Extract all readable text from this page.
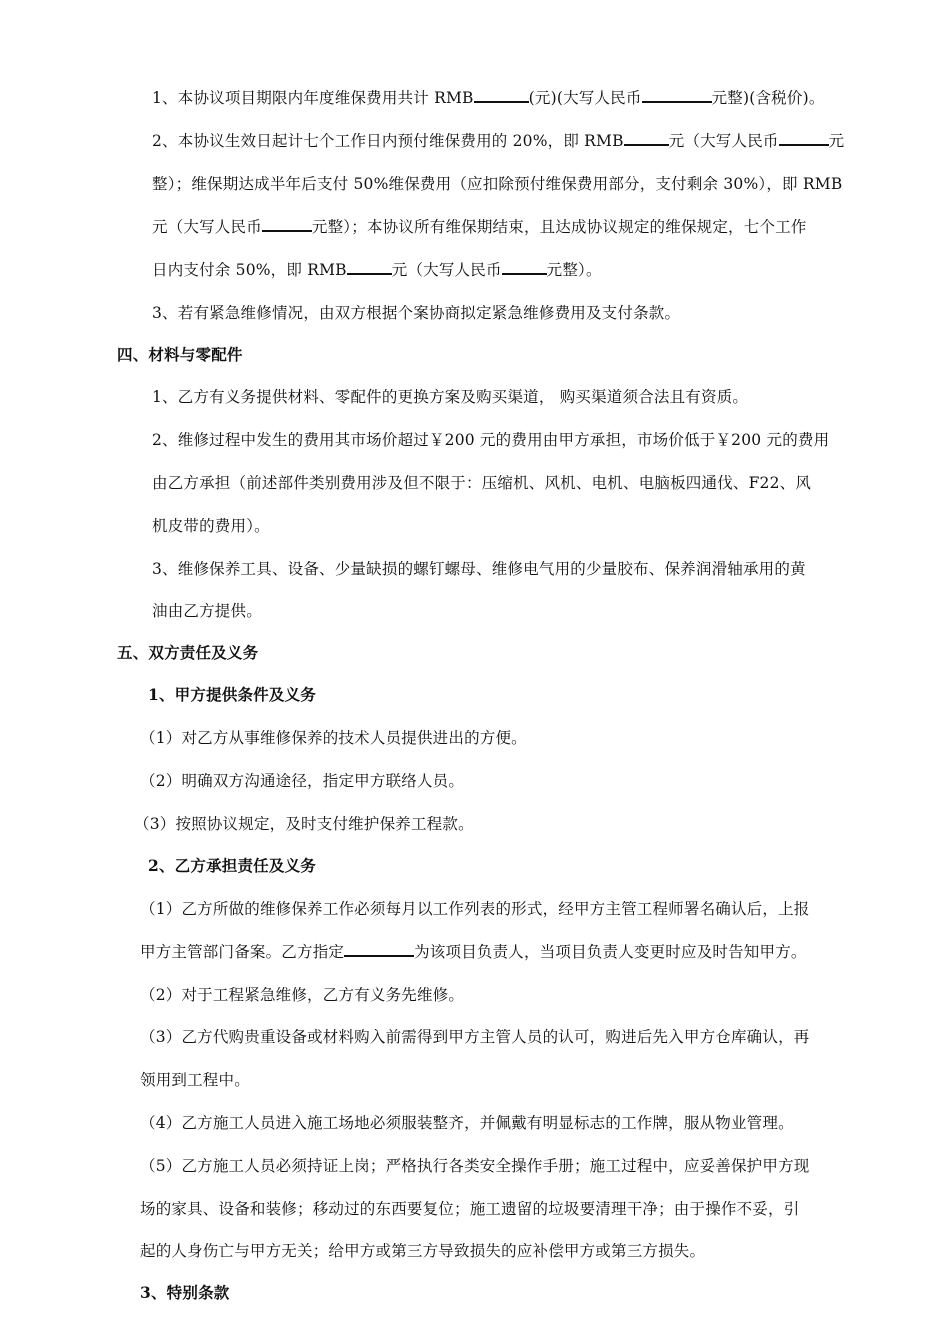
1、本协议项目期限内年度维保费用共计 RMB	(元)(大写人民币	元整)(含税价)。
2、本协议生效日起计七个工作日内预付维保费用的 20%，即 RMB	元（大写人民币	元
整）；维保期达成半年后支付 50%维保费用（应扣除预付维保费用部分，支付剩余 30%），即 RMB
元（大写人民币	元整）；本协议所有维保期结束，且达成协议规定的维保规定，七个工作
日内支付余 50%，即 RMB	元（大写人民币	元整）。
3、若有紧急维修情况，由双方根据个案协商拟定紧急维修费用及支付条款。
四、材料与零配件
1、乙方有义务提供材料、零配件的更换方案及购买渠道， 购买渠道须合法且有资质。
2、维修过程中发生的费用其市场价超过￥200 元的费用由甲方承担，市场价低于￥200 元的费用
由乙方承担（前述部件类别费用涉及但不限于：压缩机、风机、电机、电脑板四通伐、F22、风
机皮带的费用）。
3、维修保养工具、设备、少量缺损的螺钉螺母、维修电气用的少量胶布、保养润滑轴承用的黄
油由乙方提供。
五、双方责任及义务
1、甲方提供条件及义务
（1）对乙方从事维修保养的技术人员提供进出的方便。
（2）明确双方沟通途径，指定甲方联络人员。
（3）按照协议规定，及时支付维护保养工程款。
2、乙方承担责任及义务
（1）乙方所做的维修保养工作必须每月以工作列表的形式，经甲方主管工程师署名确认后，上报
甲方主管部门备案。乙方指定	为该项目负责人，当项目负责人变更时应及时告知甲方。
（2）对于工程紧急维修，乙方有义务先维修。
（3）乙方代购贵重设备或材料购入前需得到甲方主管人员的认可，购进后先入甲方仓库确认，再
领用到工程中。
（4）乙方施工人员进入施工场地必须服装整齐，并佩戴有明显标志的工作牌，服从物业管理。
（5）乙方施工人员必须持证上岗；严格执行各类安全操作手册；施工过程中，应妥善保护甲方现
场的家具、设备和装修；移动过的东西要复位；施工遗留的垃圾要清理干净；由于操作不妥，引
起的人身伤亡与甲方无关；给甲方或第三方导致损失的应补偿甲方或第三方损失。
3、特别条款
